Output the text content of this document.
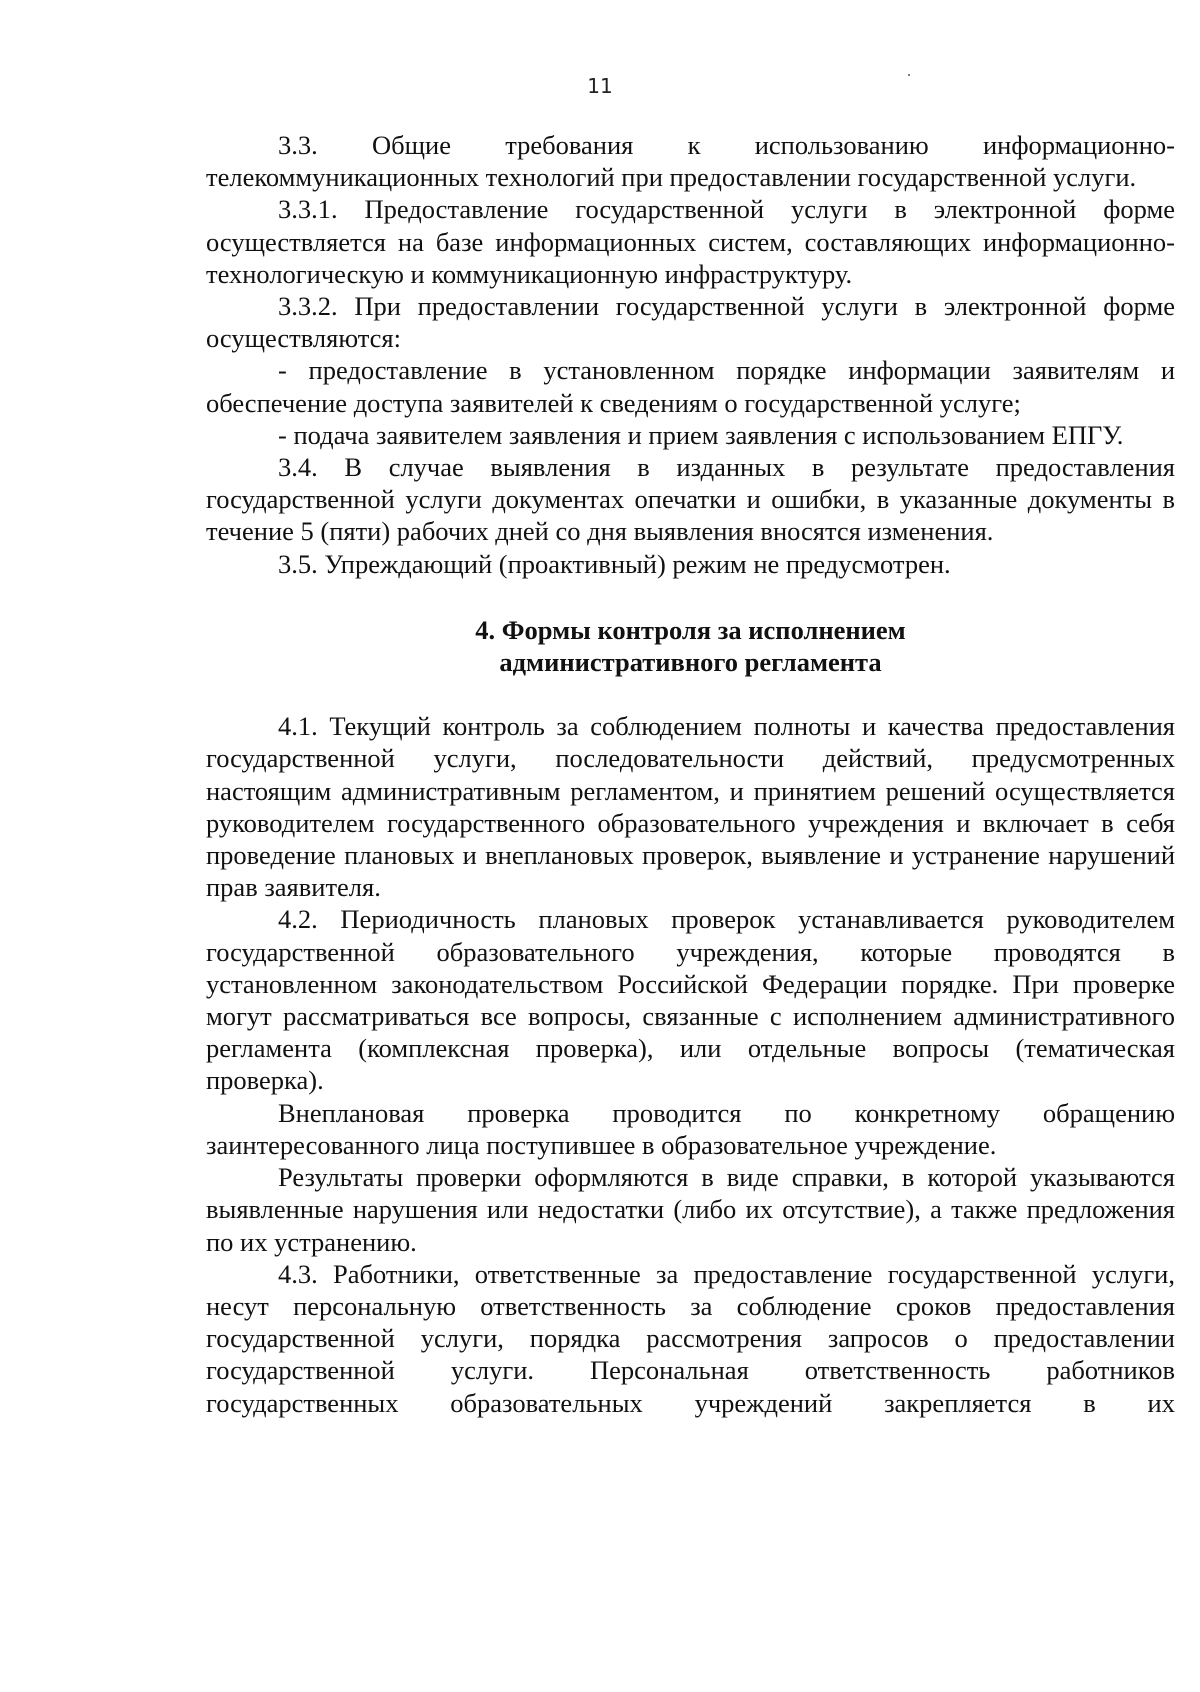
11

3.3. Общие требования к использованию информационно-телекоммуникационных технологий при предоставлении государственной услуги.

3.3.1. Предоставление государственной услуги в электронной форме осуществляется на базе информационных систем, составляющих информационно-технологическую и коммуникационную инфраструктуру.

3.3.2. При предоставлении государственной услуги в электронной форме осуществляются:

- предоставление в установленном порядке информации заявителям и обеспечение доступа заявителей к сведениям о государственной услуге;

- подача заявителем заявления и прием заявления с использованием ЕПГУ.

3.4. В случае выявления в изданных в результате предоставления государственной услуги документах опечатки и ошибки, в указанные документы в течение 5 (пяти) рабочих дней со дня выявления вносятся изменения.

3.5. Упреждающий (проактивный) режим не предусмотрен.

4. Формы контроля за исполнением
административного регламента

4.1. Текущий контроль за соблюдением полноты и качества предоставления государственной услуги, последовательности действий, предусмотренных настоящим административным регламентом, и принятием решений осуществляется руководителем государственного образовательного учреждения и включает в себя проведение плановых и внеплановых проверок, выявление и устранение нарушений прав заявителя.

4.2. Периодичность плановых проверок устанавливается руководителем государственной образовательного учреждения, которые проводятся в установленном законодательством Российской Федерации порядке. При проверке могут рассматриваться все вопросы, связанные с исполнением административного регламента (комплексная проверка), или отдельные вопросы (тематическая проверка).

Внеплановая проверка проводится по конкретному обращению заинтересованного лица поступившее в образовательное учреждение.

Результаты проверки оформляются в виде справки, в которой указываются выявленные нарушения или недостатки (либо их отсутствие), а также предложения по их устранению.

4.3. Работники, ответственные за предоставление государственной услуги, несут персональную ответственность за соблюдение сроков предоставления государственной услуги, порядка рассмотрения запросов о предоставлении государственной услуги. Персональная ответственность работников государственных образовательных учреждений закрепляется в их
